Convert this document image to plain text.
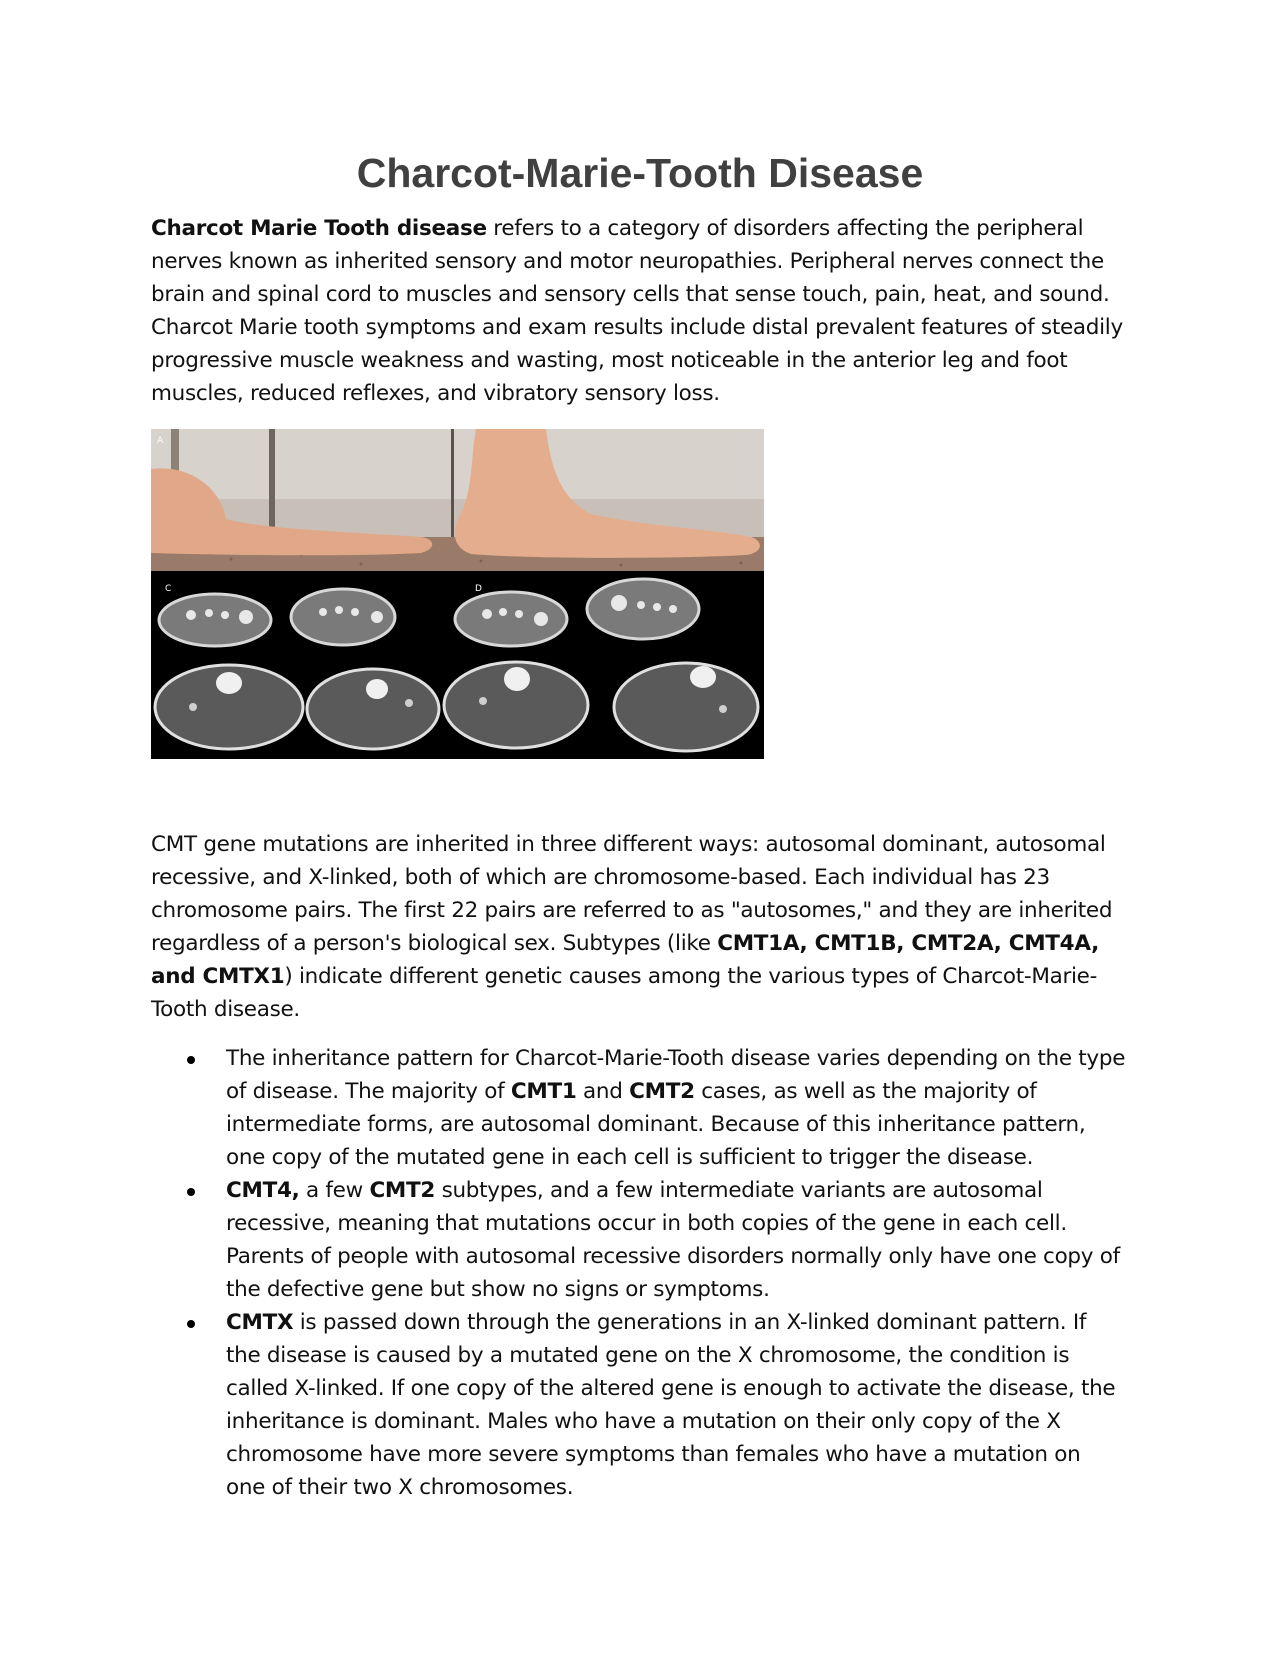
Charcot-Marie-Tooth Disease

Charcot Marie Tooth disease refers to a category of disorders affecting the peripheral nerves known as inherited sensory and motor neuropathies. Peripheral nerves connect the brain and spinal cord to muscles and sensory cells that sense touch, pain, heat, and sound. Charcot Marie tooth symptoms and exam results include distal prevalent features of steadily progressive muscle weakness and wasting, most noticeable in the anterior leg and foot muscles, reduced reflexes, and vibratory sensory loss.

A
C	D

CMT gene mutations are inherited in three different ways: autosomal dominant, autosomal recessive, and X-linked, both of which are chromosome-based. Each individual has 23 chromosome pairs. The first 22 pairs are referred to as "autosomes," and they are inherited regardless of a person's biological sex. Subtypes (like CMT1A, CMT1B, CMT2A, CMT4A, and CMTX1) indicate different genetic causes among the various types of Charcot-Marie-Tooth disease.

The inheritance pattern for Charcot-Marie-Tooth disease varies depending on the type of disease. The majority of CMT1 and CMT2 cases, as well as the majority of intermediate forms, are autosomal dominant. Because of this inheritance pattern, one copy of the mutated gene in each cell is sufficient to trigger the disease.
CMT4, a few CMT2 subtypes, and a few intermediate variants are autosomal recessive, meaning that mutations occur in both copies of the gene in each cell. Parents of people with autosomal recessive disorders normally only have one copy of the defective gene but show no signs or symptoms.
CMTX is passed down through the generations in an X-linked dominant pattern. If the disease is caused by a mutated gene on the X chromosome, the condition is called X-linked. If one copy of the altered gene is enough to activate the disease, the inheritance is dominant. Males who have a mutation on their only copy of the X chromosome have more severe symptoms than females who have a mutation on one of their two X chromosomes.
